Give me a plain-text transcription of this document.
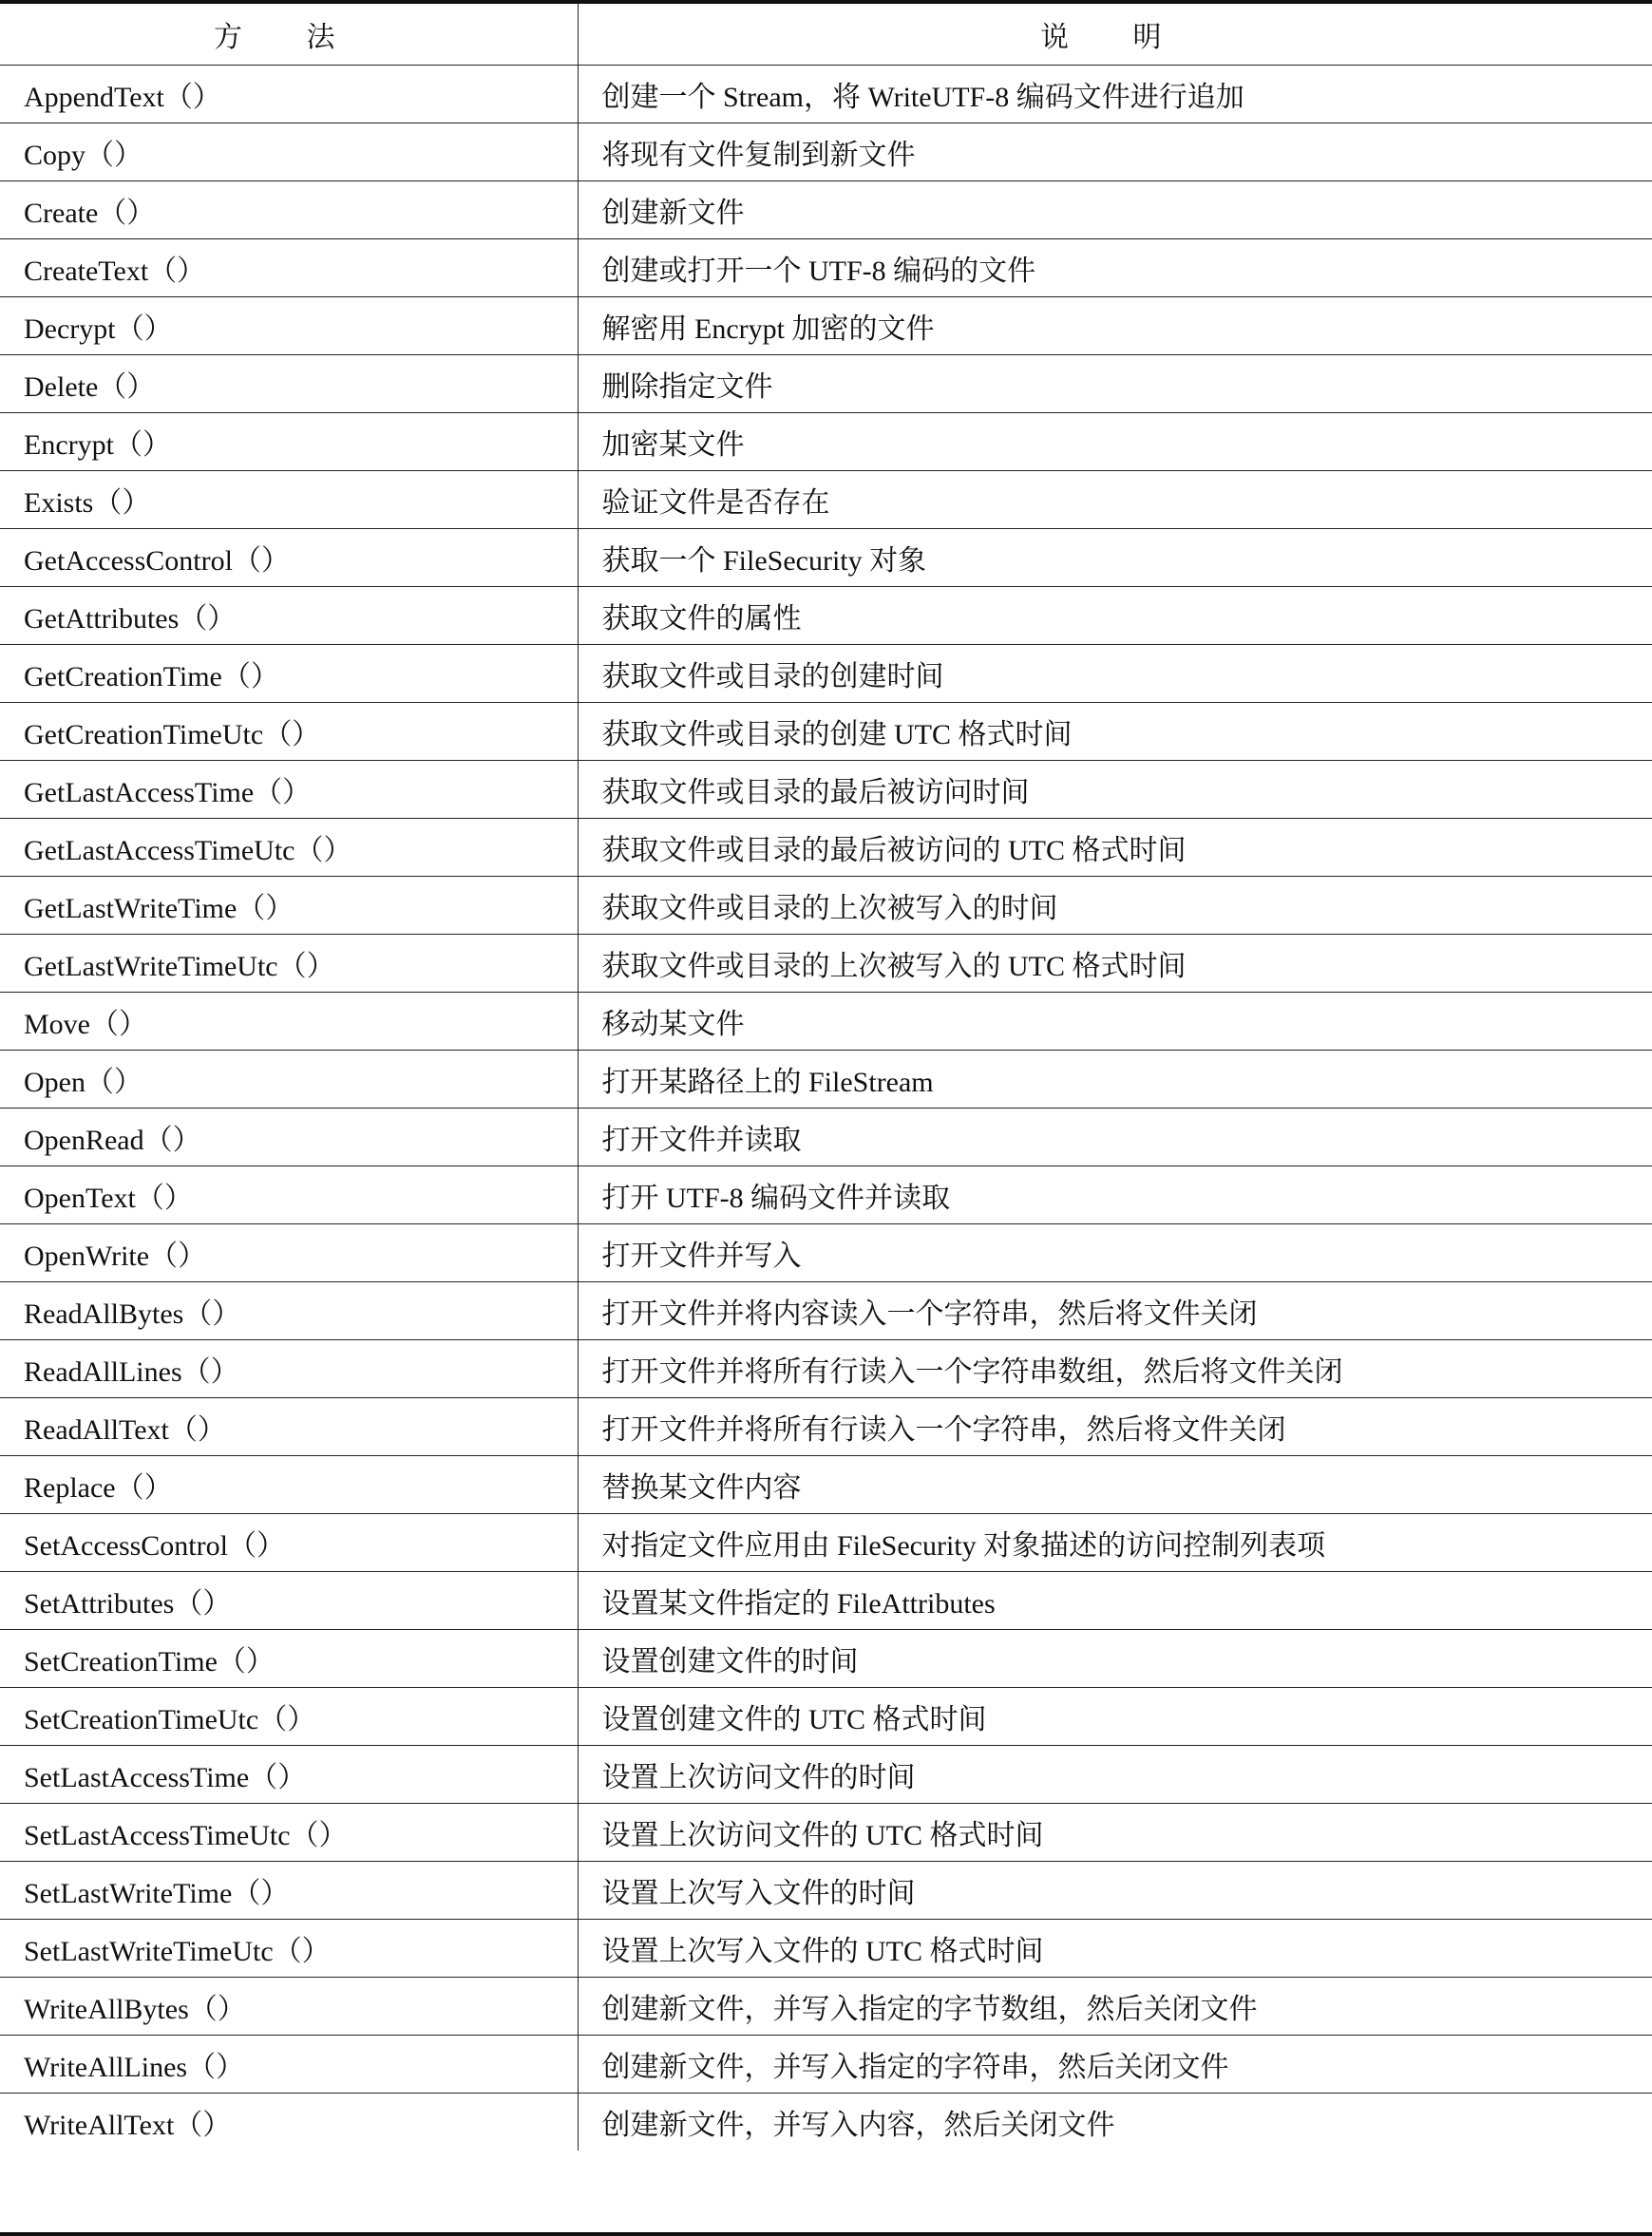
方 法	说 明
AppendText（）	创建一个 Stream，将 WriteUTF-8 编码文件进行追加
Copy（）	将现有文件复制到新文件
Create（）	创建新文件
CreateText（）	创建或打开一个 UTF-8 编码的文件
Decrypt（）	解密用 Encrypt 加密的文件
Delete（）	删除指定文件
Encrypt（）	加密某文件
Exists（）	验证文件是否存在
GetAccessControl（）	获取一个 FileSecurity 对象
GetAttributes（）	获取文件的属性
GetCreationTime（）	获取文件或目录的创建时间
GetCreationTimeUtc（）	获取文件或目录的创建 UTC 格式时间
GetLastAccessTime（）	获取文件或目录的最后被访问时间
GetLastAccessTimeUtc（）	获取文件或目录的最后被访问的 UTC 格式时间
GetLastWriteTime（）	获取文件或目录的上次被写入的时间
GetLastWriteTimeUtc（）	获取文件或目录的上次被写入的 UTC 格式时间
Move（）	移动某文件
Open（）	打开某路径上的 FileStream
OpenRead（）	打开文件并读取
OpenText（）	打开 UTF-8 编码文件并读取
OpenWrite（）	打开文件并写入
ReadAllBytes（）	打开文件并将内容读入一个字符串，然后将文件关闭
ReadAllLines（）	打开文件并将所有行读入一个字符串数组，然后将文件关闭
ReadAllText（）	打开文件并将所有行读入一个字符串，然后将文件关闭
Replace（）	替换某文件内容
SetAccessControl（）	对指定文件应用由 FileSecurity 对象描述的访问控制列表项
SetAttributes（）	设置某文件指定的 FileAttributes
SetCreationTime（）	设置创建文件的时间
SetCreationTimeUtc（）	设置创建文件的 UTC 格式时间
SetLastAccessTime（）	设置上次访问文件的时间
SetLastAccessTimeUtc（）	设置上次访问文件的 UTC 格式时间
SetLastWriteTime（）	设置上次写入文件的时间
SetLastWriteTimeUtc（）	设置上次写入文件的 UTC 格式时间
WriteAllBytes（）	创建新文件，并写入指定的字节数组，然后关闭文件
WriteAllLines（）	创建新文件，并写入指定的字符串，然后关闭文件
WriteAllText（）	创建新文件，并写入内容，然后关闭文件
